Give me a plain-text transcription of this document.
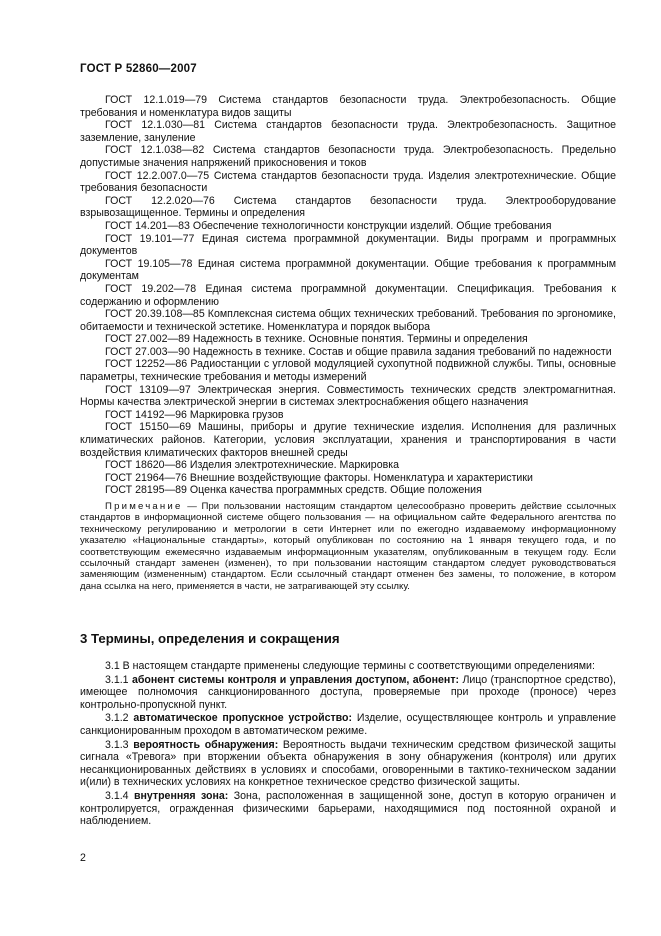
ГОСТ Р 52860—2007

ГОСТ 12.1.019—79 Система стандартов безопасности труда. Электробезопасность. Общие требования и номенклатура видов защиты

ГОСТ 12.1.030—81 Система стандартов безопасности труда. Электробезопасность. Защитное заземление, зануление

ГОСТ 12.1.038—82 Система стандартов безопасности труда. Электробезопасность. Предельно допустимые значения напряжений прикосновения и токов

ГОСТ 12.2.007.0—75 Система стандартов безопасности труда. Изделия электротехнические. Общие требования безопасности

ГОСТ 12.2.020—76 Система стандартов безопасности труда. Электрооборудование взрывозащищенное. Термины и определения

ГОСТ 14.201—83 Обеспечение технологичности конструкции изделий. Общие требования

ГОСТ 19.101—77 Единая система программной документации. Виды программ и программных документов

ГОСТ 19.105—78 Единая система программной документации. Общие требования к программным документам

ГОСТ 19.202—78 Единая система программной документации. Спецификация. Требования к содержанию и оформлению

ГОСТ 20.39.108—85 Комплексная система общих технических требований. Требования по эргономике, обитаемости и технической эстетике. Номенклатура и порядок выбора

ГОСТ 27.002—89 Надежность в технике. Основные понятия. Термины и определения

ГОСТ 27.003—90 Надежность в технике. Состав и общие правила задания требований по надежности

ГОСТ 12252—86 Радиостанции с угловой модуляцией сухопутной подвижной службы. Типы, основные параметры, технические требования и методы измерений

ГОСТ 13109—97 Электрическая энергия. Совместимость технических средств электромагнитная. Нормы качества электрической энергии в системах электроснабжения общего назначения

ГОСТ 14192—96 Маркировка грузов

ГОСТ 15150—69 Машины, приборы и другие технические изделия. Исполнения для различных климатических районов. Категории, условия эксплуатации, хранения и транспортирования в части воздействия климатических факторов внешней среды

ГОСТ 18620—86 Изделия электротехнические. Маркировка

ГОСТ 21964—76 Внешние воздействующие факторы. Номенклатура и характеристики

ГОСТ 28195—89 Оценка качества программных средств. Общие положения

Примечание — При пользовании настоящим стандартом целесообразно проверить действие ссылочных стандартов в информационной системе общего пользования — на официальном сайте Федерального агентства по техническому регулированию и метрологии в сети Интернет или по ежегодно издаваемому информационному указателю «Национальные стандарты», который опубликован по состоянию на 1 января текущего года, и по соответствующим ежемесячно издаваемым информационным указателям, опубликованным в текущем году. Если ссылочный стандарт заменен (изменен), то при пользовании настоящим стандартом следует руководствоваться заменяющим (измененным) стандартом. Если ссылочный стандарт отменен без замены, то положение, в котором дана ссылка на него, применяется в части, не затрагивающей эту ссылку.

3 Термины, определения и сокращения

3.1 В настоящем стандарте применены следующие термины с соответствующими определениями:

3.1.1 абонент системы контроля и управления доступом, абонент: Лицо (транспортное средство), имеющее полномочия санкционированного доступа, проверяемые при проходе (проносе) через контрольно-пропускной пункт.

3.1.2 автоматическое пропускное устройство: Изделие, осуществляющее контроль и управление санкционированным проходом в автоматическом режиме.

3.1.3 вероятность обнаружения: Вероятность выдачи техническим средством физической защиты сигнала «Тревога» при вторжении объекта обнаружения в зону обнаружения (контроля) или других несанкционированных действиях в условиях и способами, оговоренными в тактико-техническом задании и(или) в технических условиях на конкретное техническое средство физической защиты.

3.1.4 внутренняя зона: Зона, расположенная в защищенной зоне, доступ в которую ограничен и контролируется, огражденная физическими барьерами, находящимися под постоянной охраной и наблюдением.

2
